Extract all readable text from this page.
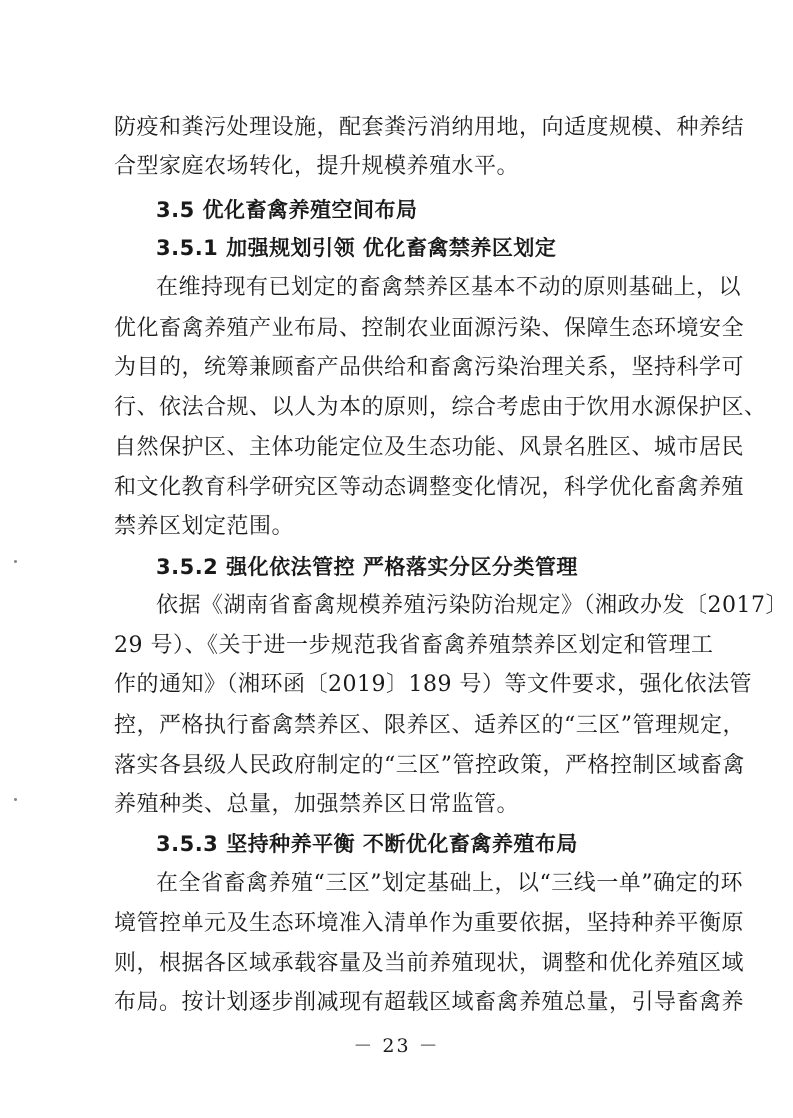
防疫和粪污处理设施，配套粪污消纳用地，向适度规模、种养结
合型家庭农场转化，提升规模养殖水平。
3.5 优化畜禽养殖空间布局
3.5.1 加强规划引领 优化畜禽禁养区划定
在维持现有已划定的畜禽禁养区基本不动的原则基础上，以
优化畜禽养殖产业布局、控制农业面源污染、保障生态环境安全
为目的，统筹兼顾畜产品供给和畜禽污染治理关系，坚持科学可
行、依法合规、以人为本的原则，综合考虑由于饮用水源保护区、
自然保护区、主体功能定位及生态功能、风景名胜区、城市居民
和文化教育科学研究区等动态调整变化情况，科学优化畜禽养殖
禁养区划定范围。
3.5.2 强化依法管控 严格落实分区分类管理
依据《湖南省畜禽规模养殖污染防治规定》（湘政办发〔2017〕
29 号）、《关于进一步规范我省畜禽养殖禁养区划定和管理工
作的通知》（湘环函〔2019〕189 号）等文件要求，强化依法管
控，严格执行畜禽禁养区、限养区、适养区的“三区”管理规定，
落实各县级人民政府制定的“三区”管控政策，严格控制区域畜禽
养殖种类、总量，加强禁养区日常监管。
3.5.3 坚持种养平衡 不断优化畜禽养殖布局
在全省畜禽养殖“三区”划定基础上，以“三线一单”确定的环
境管控单元及生态环境准入清单作为重要依据，坚持种养平衡原
则，根据各区域承载容量及当前养殖现状，调整和优化养殖区域
布局。按计划逐步削减现有超载区域畜禽养殖总量，引导畜禽养
－ 23 －
